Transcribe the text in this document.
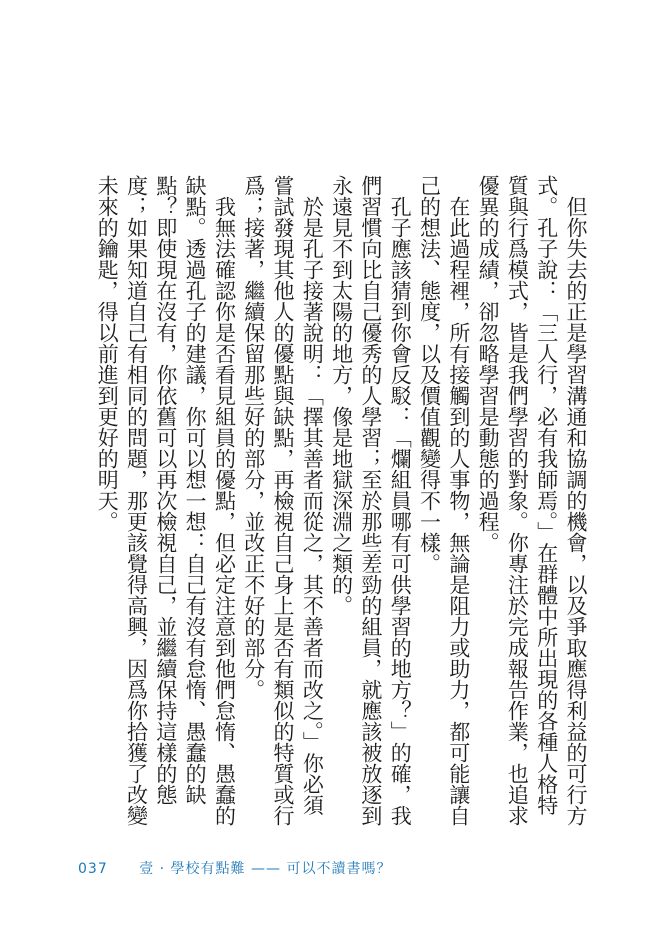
但你失去的正是學習溝通和協調的機會，以及爭取應得利益的可行方式。孔子說：「三人行，必有我師焉。」在群體中所出現的各種人格特質與行爲模式，皆是我們學習的對象。你專注於完成報告作業，也追求優異的成績，卻忽略學習是動態的過程。

在此過程裡，所有接觸到的人事物，無論是阻力或助力，都可能讓自己的想法、態度，以及價值觀變得不一樣。

孔子應該猜到你會反駁：「爛組員哪有可供學習的地方？」的確，我們習慣向比自己優秀的人學習；至於那些差勁的組員，就應該被放逐到永遠見不到太陽的地方，像是地獄深淵之類的。

於是孔子接著說明：「擇其善者而從之，其不善者而改之。」你必須嘗試發現其他人的優點與缺點，再檢視自己身上是否有類似的特質或行爲；接著，繼續保留那些好的部分，並改正不好的部分。

我無法確認你是否看見組員的優點，但必定注意到他們怠惰、愚蠢的缺點。透過孔子的建議，你可以想一想：自己有沒有怠惰、愚蠢的缺點？即使現在沒有，你依舊可以再次檢視自己，並繼續保持這樣的態度；如果知道自己有相同的問題，那更該覺得高興，因爲你拾獲了改變未來的鑰匙，得以前進到更好的明天。

037 壹 · 學校有點難 —— 可以不讀書嗎？
